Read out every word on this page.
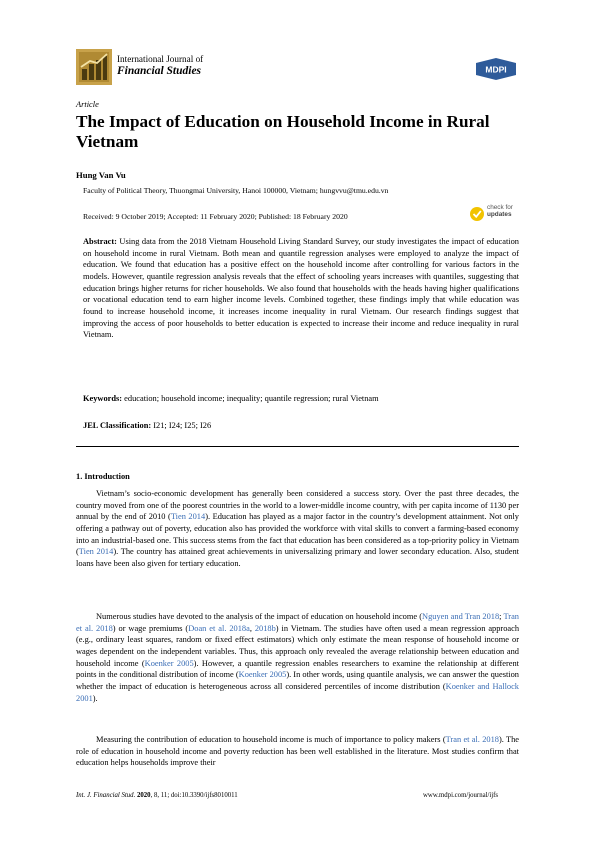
International Journal of
Financial Studies	MDPI
Article
The Impact of Education on Household Income in Rural Vietnam
Hung Van Vu
Faculty of Political Theory, Thuongmai University, Hanoi 100000, Vietnam; hungvvu@tmu.edu.vn
Received: 9 October 2019; Accepted: 11 February 2020; Published: 18 February 2020
check for
updates
Abstract: Using data from the 2018 Vietnam Household Living Standard Survey, our study investigates the impact of education on household income in rural Vietnam. Both mean and quantile regression analyses were employed to analyze the impact of education. We found that education has a positive effect on the household income after controlling for various factors in the models. However, quantile regression analysis reveals that the effect of schooling years increases with quantiles, suggesting that education brings higher returns for richer households. We also found that households with the heads having higher qualifications or vocational education tend to earn higher income levels. Combined together, these findings imply that while education was found to increase household income, it increases income inequality in rural Vietnam. Our research findings suggest that improving the access of poor households to better education is expected to increase their income and reduce inequality in rural Vietnam.
Keywords: education; household income; inequality; quantile regression; rural Vietnam
JEL Classification: I21; I24; I25; I26
1. Introduction
Vietnam’s socio-economic development has generally been considered a success story. Over the past three decades, the country moved from one of the poorest countries in the world to a lower-middle income country, with per capita income of 1130 per annual by the end of 2010 (Tien 2014). Education has played as a major factor in the country’s development attainment. Not only offering a pathway out of poverty, education also has provided the workforce with vital skills to convert a farming-based economy into an industrial-based one. This success stems from the fact that education has been considered as a top-priority policy in Vietnam (Tien 2014). The country has attained great achievements in universalizing primary and lower secondary education. Also, student loans have been also given for tertiary education.
Numerous studies have devoted to the analysis of the impact of education on household income (Nguyen and Tran 2018; Tran et al. 2018) or wage premiums (Doan et al. 2018a, 2018b) in Vietnam. The studies have often used a mean regression approach (e.g., ordinary least squares, random or fixed effect estimators) which only estimate the mean response of household income or wages dependent on the independent variables. Thus, this approach only revealed the average relationship between education and household income (Koenker 2005). However, a quantile regression enables researchers to examine the relationship at different points in the conditional distribution of income (Koenker 2005). In other words, using quantile analysis, we can answer the question whether the impact of education is heterogeneous across all considered percentiles of income distribution (Koenker and Hallock 2001).
Measuring the contribution of education to household income is much of importance to policy makers (Tran et al. 2018). The role of education in household income and poverty reduction has been well established in the literature. Most studies confirm that education helps households improve their
Int. J. Financial Stud. 2020, 8, 11; doi:10.3390/ijfs8010011	www.mdpi.com/journal/ijfs
